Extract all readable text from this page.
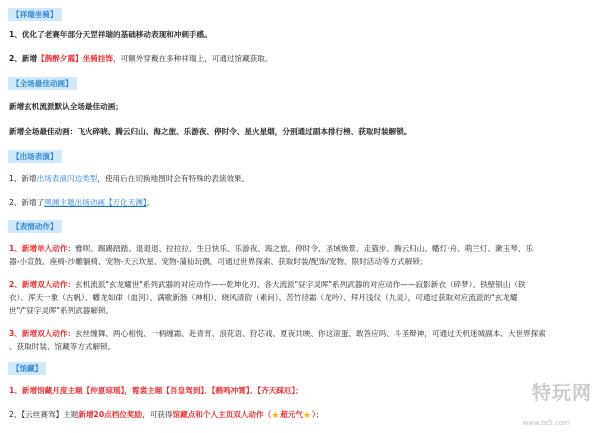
【祥瑞坐骑】
1、优化了老赛年部分天罡祥瑞的基础移动表现和冲刺手感。
2、新增【鹊醉夕霞】坐骑挂饰，可额外穿戴在多种祥瑞上，可通过馆藏获取。
【全场最佳动画】
新增玄机流派默认全场最佳动画；
新增全场最佳动画：飞火碎晓、腾云归山、海之旅、乐游夜、停时令、星火星烟，分别通过副本排行榜、获取时装解锁。
【出场表演】
1、新增出场表演闪边类型，使用后在切换地图时会有特殊的表演效果。
2、新增了黑渊主题出场动画【万化天渊】。
【表情动作】
1、新增单人动作：雅呗、踢踢踏踏、退退退、拉拉拉、生日快乐、乐游夜、海之旅、停时令、圣域焕景、走猫步、腾云归山、幡灯·舟、萌兰灯、漱玉琴、乐
器-小宣鼓、座椅-沙雕躺椅、宠物-天云坎星、宠物-蒲仙玩偶，可通过世界探索、获取时装/配饰/宠物、限时活动等方式解锁；
2、新增双人动作：玄机流派"玄龙耀世"系列武器的对应动作——乾坤化刃、各大流派"昼字灵晖"系列武器的对应动作——寂影新衣（碎梦）、铁壁银山（铁
衣）、浑天一象（古帆）、幡龙如律（血河）、满歌新肠（神相）、晓风清韵（素问）、苦竹径霜（龙吟）、拜月浅仪（九灵），可通过获取对应流派的"玄龙耀
世"/"昼字灵晖"系列武器解锁。
3、新增双人动作：玄丝缠舞、两心相悦、一柄缠霜、赴青宵、浪花语、狩芯戏、夏夜共映、你这滚蛋、敢答应吗、斗圣辩神，可通过天机迷城副本、大世界探索
、获取时装、馆藏等方式解锁。
【馆藏】
1、新增馆藏月度主题【仲夏琼瑶】，霓裳主题【吾皇驾到】、【鹤鸣冲霄】、【齐天踩厄】；
2、【云丝赛驾】主题新增20点档位奖励，可获得馆藏点和个人主页双人动作（★超元气★）；
特玩网
www.te5.com
